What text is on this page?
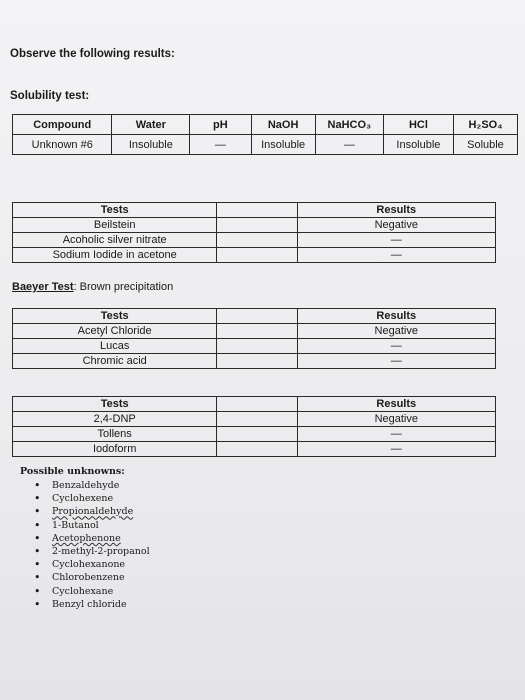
Observe the following results:
Solubility test:
Compound	Water	pH	NaOH	NaHCO₃	HCl	H₂SO₄
Unknown #6	Insoluble	—	Insoluble	—	Insoluble	Soluble
Tests		Results
Beilstein		Negative
Acoholic silver nitrate		—
Sodium Iodide in acetone		—
Baeyer Test: Brown precipitation
Tests		Results
Acetyl Chloride		Negative
Lucas		—
Chromic acid		—
Tests		Results
2,4-DNP		Negative
Tollens		—
Iodoform		—
Possible unknowns:
• Benzaldehyde
• Cyclohexene
• Propionaldehyde
• 1-Butanol
• Acetophenone
• 2-methyl-2-propanol
• Cyclohexanone
• Chlorobenzene
• Cyclohexane
• Benzyl chloride
